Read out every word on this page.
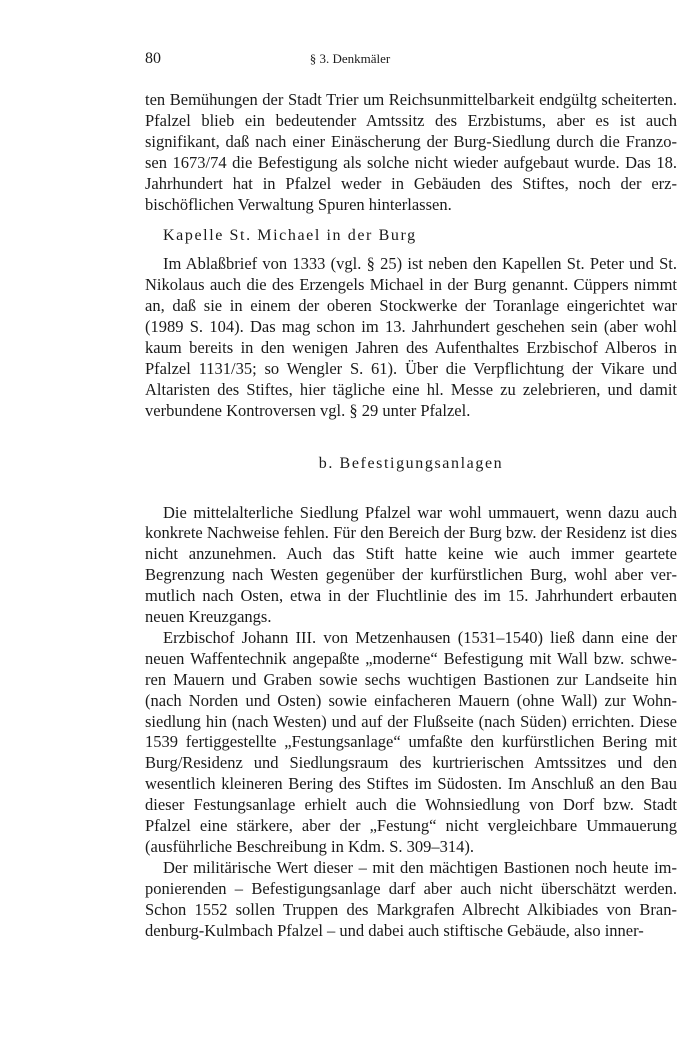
80	§ 3. Denkmäler

ten Bemühungen der Stadt Trier um Reichsunmittelbarkeit endgültg scheiterten. Pfalzel blieb ein bedeutender Amtssitz des Erzbistums, aber es ist auch signifikant, daß nach einer Einäscherung der Burg-Siedlung durch die Franzosen 1673/74 die Befestigung als solche nicht wieder aufgebaut wurde. Das 18. Jahrhundert hat in Pfalzel weder in Gebäuden des Stiftes, noch der erzbischöflichen Verwaltung Spuren hinterlassen.

Kapelle St. Michael in der Burg

Im Ablaßbrief von 1333 (vgl. § 25) ist neben den Kapellen St. Peter und St. Nikolaus auch die des Erzengels Michael in der Burg genannt. Cüppers nimmt an, daß sie in einem der oberen Stockwerke der Toranlage eingerichtet war (1989 S. 104). Das mag schon im 13. Jahrhundert geschehen sein (aber wohl kaum bereits in den wenigen Jahren des Aufenthaltes Erzbischof Alberos in Pfalzel 1131/35; so Wengler S. 61). Über die Verpflichtung der Vikare und Altaristen des Stiftes, hier tägliche eine hl. Messe zu zelebrieren, und damit verbundene Kontroversen vgl. § 29 unter Pfalzel.

b. Befestigungsanlagen

Die mittelalterliche Siedlung Pfalzel war wohl ummauert, wenn dazu auch konkrete Nachweise fehlen. Für den Bereich der Burg bzw. der Residenz ist dies nicht anzunehmen. Auch das Stift hatte keine wie auch immer geartete Begrenzung nach Westen gegenüber der kurfürstlichen Burg, wohl aber vermutlich nach Osten, etwa in der Fluchtlinie des im 15. Jahrhundert erbauten neuen Kreuzgangs.

Erzbischof Johann III. von Metzenhausen (1531–1540) ließ dann eine der neuen Waffentechnik angepaßte „moderne“ Befestigung mit Wall bzw. schweren Mauern und Graben sowie sechs wuchtigen Bastionen zur Landseite hin (nach Norden und Osten) sowie einfacheren Mauern (ohne Wall) zur Wohnsiedlung hin (nach Westen) und auf der Flußseite (nach Süden) errichten. Diese 1539 fertiggestellte „Festungsanlage“ umfaßte den kurfürstlichen Bering mit Burg/Residenz und Siedlungsraum des kurtrierischen Amtssitzes und den wesentlich kleineren Bering des Stiftes im Südosten. Im Anschluß an den Bau dieser Festungsanlage erhielt auch die Wohnsiedlung von Dorf bzw. Stadt Pfalzel eine stärkere, aber der „Festung“ nicht vergleichbare Ummauerung (ausführliche Beschreibung in Kdm. S. 309–314).

Der militärische Wert dieser – mit den mächtigen Bastionen noch heute imponierenden – Befestigungsanlage darf aber auch nicht überschätzt werden. Schon 1552 sollen Truppen des Markgrafen Albrecht Alkibiades von Brandenburg-Kulmbach Pfalzel – und dabei auch stiftische Gebäude, also inner-
